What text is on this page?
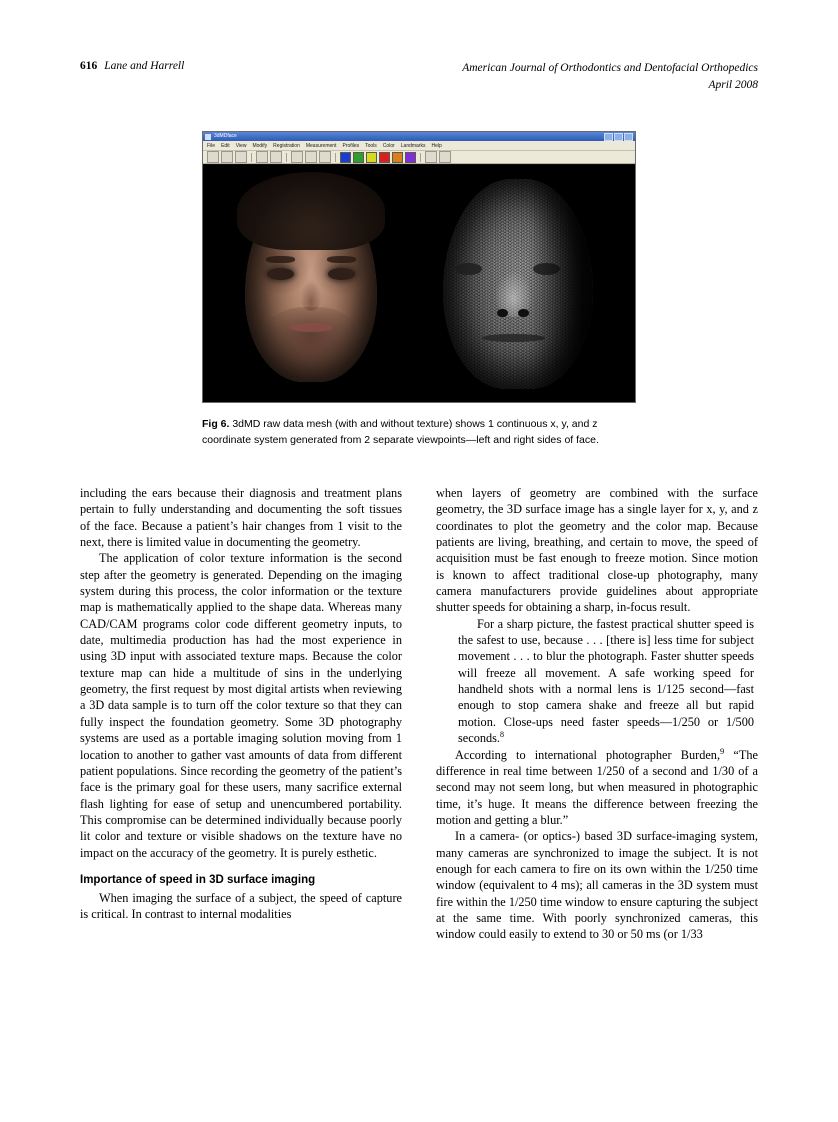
616 Lane and Harrell	American Journal of Orthodontics and Dentofacial Orthopedics
April 2008
3dMDface
File Edit View Modify Registration Measurement Profiles Tools Color Landmarks Help
Fig 6. 3dMD raw data mesh (with and without texture) shows 1 continuous x, y, and z coordinate system generated from 2 separate viewpoints—left and right sides of face.

including the ears because their diagnosis and treatment plans pertain to fully understanding and documenting the soft tissues of the face. Because a patient’s hair changes from 1 visit to the next, there is limited value in documenting the geometry.

The application of color texture information is the second step after the geometry is generated. Depending on the imaging system during this process, the color information or the texture map is mathematically applied to the shape data. Whereas many CAD/CAM programs color code different geometry inputs, to date, multimedia production has had the most experience in using 3D input with associated texture maps. Because the color texture map can hide a multitude of sins in the underlying geometry, the first request by most digital artists when reviewing a 3D data sample is to turn off the color texture so that they can fully inspect the foundation geometry. Some 3D photography systems are used as a portable imaging solution moving from 1 location to another to gather vast amounts of data from different patient populations. Since recording the geometry of the patient’s face is the primary goal for these users, many sacrifice external flash lighting for ease of setup and unencumbered portability. This compromise can be determined individually because poorly lit color and texture or visible shadows on the texture have no impact on the accuracy of the geometry. It is purely esthetic.

Importance of speed in 3D surface imaging

When imaging the surface of a subject, the speed of capture is critical. In contrast to internal modalities

when layers of geometry are combined with the surface geometry, the 3D surface image has a single layer for x, y, and z coordinates to plot the geometry and the color map. Because patients are living, breathing, and certain to move, the speed of acquisition must be fast enough to freeze motion. Since motion is known to affect traditional close-up photography, many camera manufacturers provide guidelines about appropriate shutter speeds for obtaining a sharp, in-focus result.

For a sharp picture, the fastest practical shutter speed is the safest to use, because . . . [there is] less time for subject movement . . . to blur the photograph. Faster shutter speeds will freeze all movement. A safe working speed for handheld shots with a normal lens is 1/125 second—fast enough to stop camera shake and freeze all but rapid motion. Close-ups need faster speeds—1/250 or 1/500 seconds.$^8$

According to international photographer Burden,$^9$ “The difference in real time between 1/250 of a second and 1/30 of a second may not seem long, but when measured in photographic time, it’s huge. It means the difference between freezing the motion and getting a blur.”

In a camera- (or optics-) based 3D surface-imaging system, many cameras are synchronized to image the subject. It is not enough for each camera to fire on its own within the 1/250 time window (equivalent to 4 ms); all cameras in the 3D system must fire within the 1/250 time window to ensure capturing the subject at the same time. With poorly synchronized cameras, this window could easily to extend to 30 or 50 ms (or 1/33
